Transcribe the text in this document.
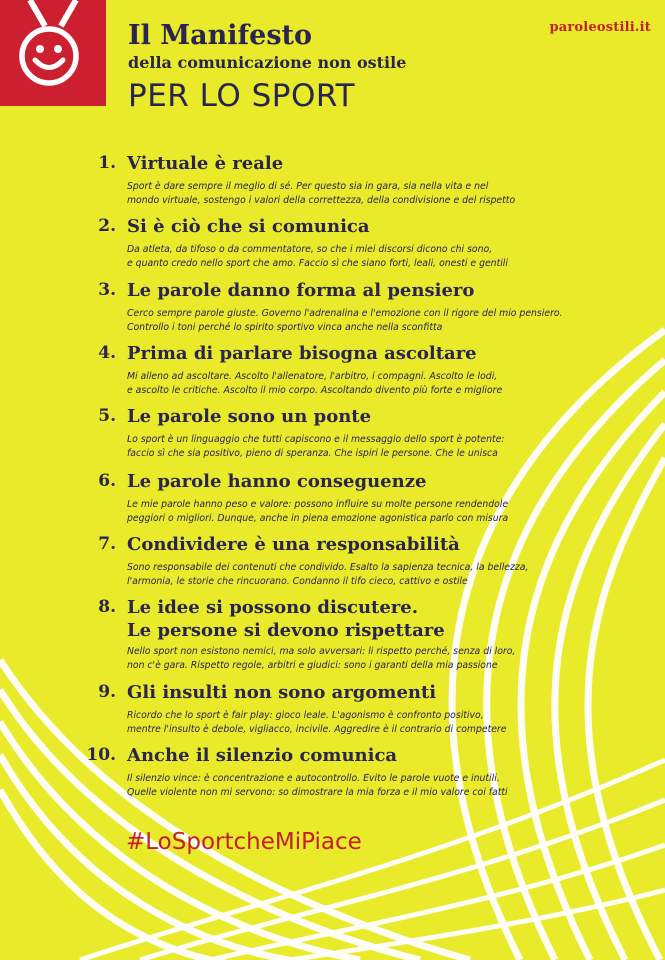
paroleostili.it
Il Manifesto
della comunicazione non ostile
PER LO SPORT
1. Virtuale è reale
Sport è dare sempre il meglio di sé. Per questo sia in gara, sia nella vita e nel
mondo virtuale, sostengo i valori della correttezza, della condivisione e del rispetto
2. Si è ciò che si comunica
Da atleta, da tifoso o da commentatore, so che i miei discorsi dicono chi sono,
e quanto credo nello sport che amo. Faccio sì che siano forti, leali, onesti e gentili
3. Le parole danno forma al pensiero
Cerco sempre parole giuste. Governo l'adrenalina e l'emozione con il rigore del mio pensiero.
Controllo i toni perché lo spirito sportivo vinca anche nella sconfitta
4. Prima di parlare bisogna ascoltare
Mi alleno ad ascoltare. Ascolto l'allenatore, l'arbitro, i compagni. Ascolto le lodi,
e ascolto le critiche. Ascolto il mio corpo. Ascoltando divento più forte e migliore
5. Le parole sono un ponte
Lo sport è un linguaggio che tutti capiscono e il messaggio dello sport è potente:
faccio sì che sia positivo, pieno di speranza. Che ispiri le persone. Che le unisca
6. Le parole hanno conseguenze
Le mie parole hanno peso e valore: possono influire su molte persone rendendole
peggiori o migliori. Dunque, anche in piena emozione agonistica parlo con misura
7. Condividere è una responsabilità
Sono responsabile dei contenuti che condivido. Esalto la sapienza tecnica, la bellezza,
l'armonia, le storie che rincuorano. Condanno il tifo cieco, cattivo e ostile
8. Le idee si possono discutere.
Le persone si devono rispettare
Nello sport non esistono nemici, ma solo avversari: li rispetto perché, senza di loro,
non c'è gara. Rispetto regole, arbitri e giudici: sono i garanti della mia passione
9. Gli insulti non sono argomenti
Ricordo che lo sport è fair play: gioco leale. L'agonismo è confronto positivo,
mentre l'insulto è debole, vigliacco, incivile. Aggredire è il contrario di competere
10. Anche il silenzio comunica
Il silenzio vince: è concentrazione e autocontrollo. Evito le parole vuote e inutili.
Quelle violente non mi servono: so dimostrare la mia forza e il mio valore coi fatti
#LoSportcheMiPiace
